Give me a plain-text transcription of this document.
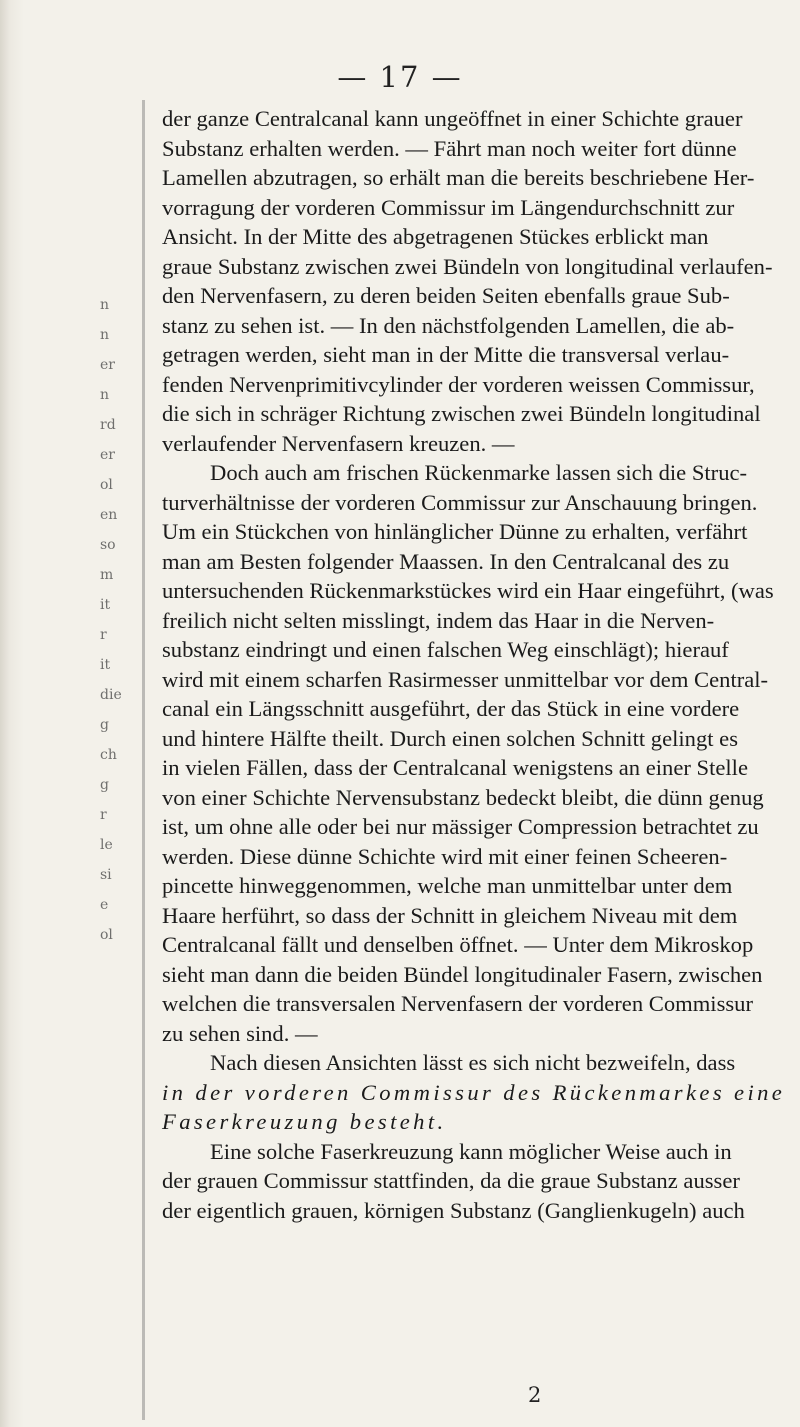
n
n
er
n
rd
er
ol
en
so
m
it
r
it
die
g
ch
g
r
le
si
e
ol
— 17 —

der ganze Centralcanal kann ungeöffnet in einer Schichte grauer
Substanz erhalten werden. — Fährt man noch weiter fort dünne
Lamellen abzutragen, so erhält man die bereits beschriebene Her-
vorragung der vorderen Commissur im Längendurchschnitt zur
Ansicht. In der Mitte des abgetragenen Stückes erblickt man
graue Substanz zwischen zwei Bündeln von longitudinal verlaufen-
den Nervenfasern, zu deren beiden Seiten ebenfalls graue Sub-
stanz zu sehen ist. — In den nächstfolgenden Lamellen, die ab-
getragen werden, sieht man in der Mitte die transversal verlau-
fenden Nervenprimitivcylinder der vorderen weissen Commissur,
die sich in schräger Richtung zwischen zwei Bündeln longitudinal
verlaufender Nervenfasern kreuzen. —

Doch auch am frischen Rückenmarke lassen sich die Struc-
turverhältnisse der vorderen Commissur zur Anschauung bringen.
Um ein Stückchen von hinlänglicher Dünne zu erhalten, verfährt
man am Besten folgender Maassen. In den Centralcanal des zu
untersuchenden Rückenmarkstückes wird ein Haar eingeführt, (was
freilich nicht selten misslingt, indem das Haar in die Nerven-
substanz eindringt und einen falschen Weg einschlägt); hierauf
wird mit einem scharfen Rasirmesser unmittelbar vor dem Central-
canal ein Längsschnitt ausgeführt, der das Stück in eine vordere
und hintere Hälfte theilt. Durch einen solchen Schnitt gelingt es
in vielen Fällen, dass der Centralcanal wenigstens an einer Stelle
von einer Schichte Nervensubstanz bedeckt bleibt, die dünn genug
ist, um ohne alle oder bei nur mässiger Compression betrachtet zu
werden. Diese dünne Schichte wird mit einer feinen Scheeren-
pincette hinweggenommen, welche man unmittelbar unter dem
Haare herführt, so dass der Schnitt in gleichem Niveau mit dem
Centralcanal fällt und denselben öffnet. — Unter dem Mikroskop
sieht man dann die beiden Bündel longitudinaler Fasern, zwischen
welchen die transversalen Nervenfasern der vorderen Commissur
zu sehen sind. —

Nach diesen Ansichten lässt es sich nicht bezweifeln, dass
in der vorderen Commissur des Rückenmarkes eine
Faserkreuzung besteht.

Eine solche Faserkreuzung kann möglicher Weise auch in
der grauen Commissur stattfinden, da die graue Substanz ausser
der eigentlich grauen, körnigen Substanz (Ganglienkugeln) auch

2
